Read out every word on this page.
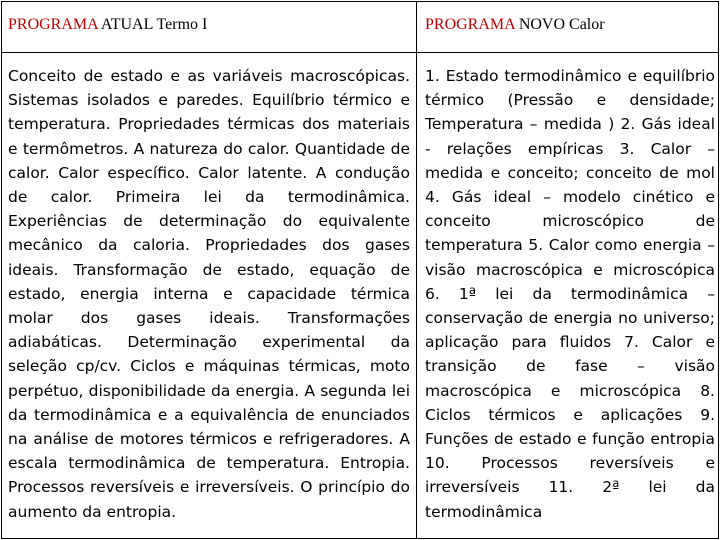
PROGRAMA ATUAL Termo I	PROGRAMA NOVO Calor
Conceito de estado e as variáveis macroscópicas. Sistemas isolados e paredes. Equilíbrio térmico e temperatura. Propriedades térmicas dos materiais e termômetros. A natureza do calor. Quantidade de calor. Calor específico. Calor latente. A condução de calor. Primeira lei da termodinâmica. Experiências de determinação do equivalente mecânico da caloria. Propriedades dos gases ideais. Transformação de estado, equação de estado, energia interna e capacidade térmica molar dos gases ideais. Transformações adiabáticas. Determinação experimental da seleção cp/cv. Ciclos e máquinas térmicas, moto perpétuo, disponibilidade da energia. A segunda lei da termodinâmica e a equivalência de enunciados na análise de motores térmicos e refrigeradores. A escala termodinâmica de temperatura. Entropia. Processos reversíveis e irreversíveis. O princípio do aumento da entropia.
1. Estado termodinâmico e equilíbrio térmico (Pressão e densidade; Temperatura – medida ) 2. Gás ideal - relações empíricas 3. Calor – medida e conceito; conceito de mol 4. Gás ideal – modelo cinético e conceito microscópico de temperatura 5. Calor como energia – visão macroscópica e microscópica 6. 1ª lei da termodinâmica – conservação de energia no universo; aplicação para fluidos 7. Calor e transição de fase – visão macroscópica e microscópica 8. Ciclos térmicos e aplicações 9. Funções de estado e função entropia 10. Processos reversíveis e irreversíveis 11. 2ª lei da termodinâmica
